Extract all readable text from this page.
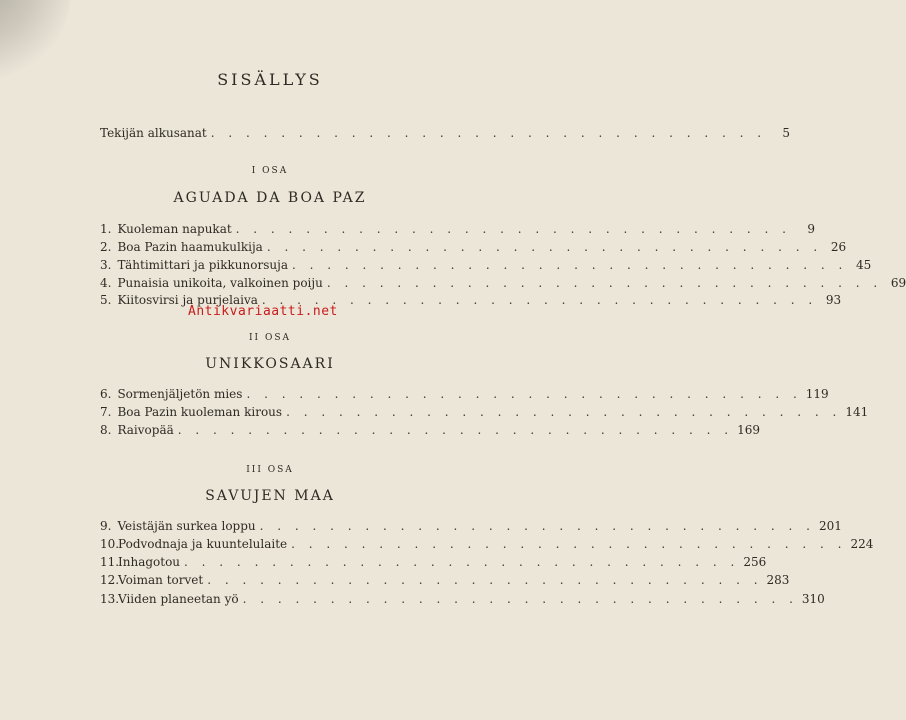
SISÄLLYS
Tekijän alkusanat . . . . . . . . . . . . . . . . . . . . . . . . . . . . . . . .	5
I OSA
AGUADA DA BOA PAZ
1. Kuoleman napukat . . . . . . . . . . . . . . . . . . . . . . . . . . . . . . . .	9
2. Boa Pazin haamukulkija . . . . . . . . . . . . . . . . . . . . . . . . . . . . . . . . 26
3. Tähtimittari ja pikkunorsuja . . . . . . . . . . . . . . . . . . . . . . . . . . . . . . . . 45
4. Punaisia unikoita, valkoinen poiju . . . . . . . . . . . . . . . . . . . . . . . . . . . . . . . . 69
5. Kiitosvirsi ja purjelaiva . . . . . . . . . . . . . . . . . . . . . . . . . . . . . . . . 93
Antikvariaatti.net
II OSA
UNIKKOSAARI
6. Sormenjäljetön mies . . . . . . . . . . . . . . . . . . . . . . . . . . . . . . . . 119
7. Boa Pazin kuoleman kirous . . . . . . . . . . . . . . . . . . . . . . . . . . . . . . . . 141
8. Raivopää . . . . . . . . . . . . . . . . . . . . . . . . . . . . . . . . 169
III OSA
SAVUJEN MAA
9. Veistäjän surkea loppu . . . . . . . . . . . . . . . . . . . . . . . . . . . . . . . . 201
10.
Podvodnaja ja kuuntelulaite . . . . . . . . . . . . . . . . . . . . . . . . . . . . . . . . 224
11.
Inhagotou . . . . . . . . . . . . . . . . . . . . . . . . . . . . . . . . 256
12.
Voiman torvet . . . . . . . . . . . . . . . . . . . . . . . . . . . . . . . . 283
13.
Viiden planeetan yö . . . . . . . . . . . . . . . . . . . . . . . . . . . . . . . . 310
